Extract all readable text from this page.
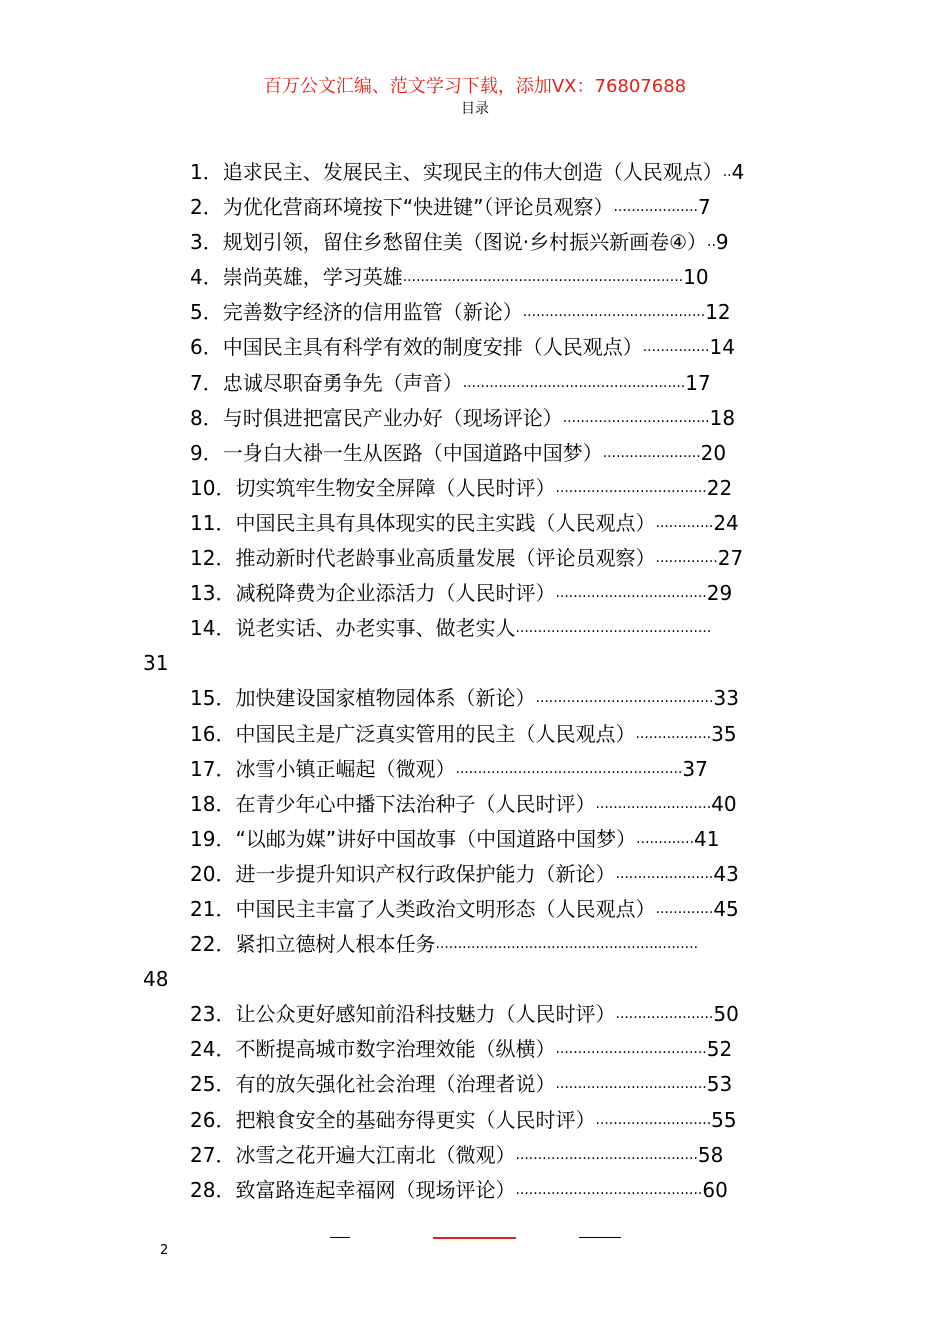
百万公文汇编、范文学习下载，添加VX：76807688
目录
1．追求民主、发展民主、实现民主的伟大创造（人民观点）..4
2．为优化营商环境按下“快进键”（评论员观察）...................7
3．规划引领，留住乡愁留住美（图说·乡村振兴新画卷④）..9
4．崇尚英雄，学习英雄...............................................................10
5．完善数字经济的信用监管（新论）.........................................12
6．中国民主具有科学有效的制度安排（人民观点）...............14
7．忠诚尽职奋勇争先（声音）..................................................17
8．与时俱进把富民产业办好（现场评论）.................................18
9．一身白大褂一生从医路（中国道路中国梦）......................20
10．切实筑牢生物安全屏障（人民时评）..................................22
11．中国民主具有具体现实的民主实践（人民观点）.............24
12．推动新时代老龄事业高质量发展（评论员观察）..............27
13．减税降费为企业添活力（人民时评）..................................29
14．说老实话、办老实事、做老实人............................................
31
15．加快建设国家植物园体系（新论）........................................33
16．中国民主是广泛真实管用的民主（人民观点）.................35
17．冰雪小镇正崛起（微观）...................................................37
18．在青少年心中播下法治种子（人民时评）..........................40
19．“以邮为媒”讲好中国故事（中国道路中国梦）.............41
20．进一步提升知识产权行政保护能力（新论）......................43
21．中国民主丰富了人类政治文明形态（人民观点）.............45
22．紧扣立德树人根本任务...........................................................
48
23．让公众更好感知前沿科技魅力（人民时评）......................50
24．不断提高城市数字治理效能（纵横）..................................52
25．有的放矢强化社会治理（治理者说）..................................53
26．把粮食安全的基础夯得更实（人民时评）..........................55
27．冰雪之花开遍大江南北（微观）.........................................58
28．致富路连起幸福网（现场评论）..........................................60
2
